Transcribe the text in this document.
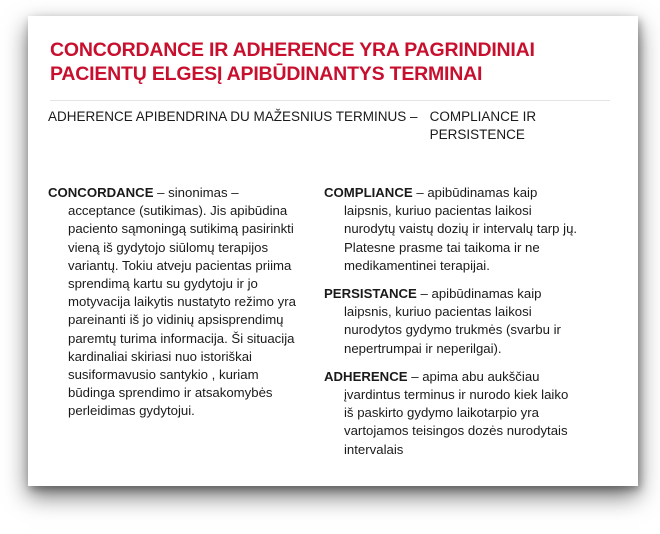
CONCORDANCE IR ADHERENCE YRA PAGRINDINIAI
PACIENTŲ ELGESĮ APIBŪDINANTYS TERMINAI
ADHERENCE APIBENDRINA DU MAŽESNIUS TERMINUS – COMPLIANCE IR
PERSISTENCE
CONCORDANCE – sinonimas –
acceptance (sutikimas). Jis apibūdina
paciento sąmoningą sutikimą pasirinkti
vieną iš gydytojo siūlomų terapijos
variantų. Tokiu atveju pacientas priima
sprendimą kartu su gydytoju ir jo
motyvacija laikytis nustatyto režimo yra
pareinanti iš jo vidinių apsisprendimų
paremtų turima informacija. Ši situacija
kardinaliai skiriasi nuo istoriškai
susiformavusio santykio , kuriam
būdinga sprendimo ir atsakomybės
perleidimas gydytojui.
COMPLIANCE – apibūdinamas kaip
laipsnis, kuriuo pacientas laikosi
nurodytų vaistų dozių ir intervalų tarp jų.
Platesne prasme tai taikoma ir ne
medikamentinei terapijai.
PERSISTANCE – apibūdinamas kaip
laipsnis, kuriuo pacientas laikosi
nurodytos gydymo trukmės (svarbu ir
nepertrumpai ir neperilgai).
ADHERENCE – apima abu aukščiau
įvardintus terminus ir nurodo kiek laiko
iš paskirto gydymo laikotarpio yra
vartojamos teisingos dozės nurodytais
intervalais
